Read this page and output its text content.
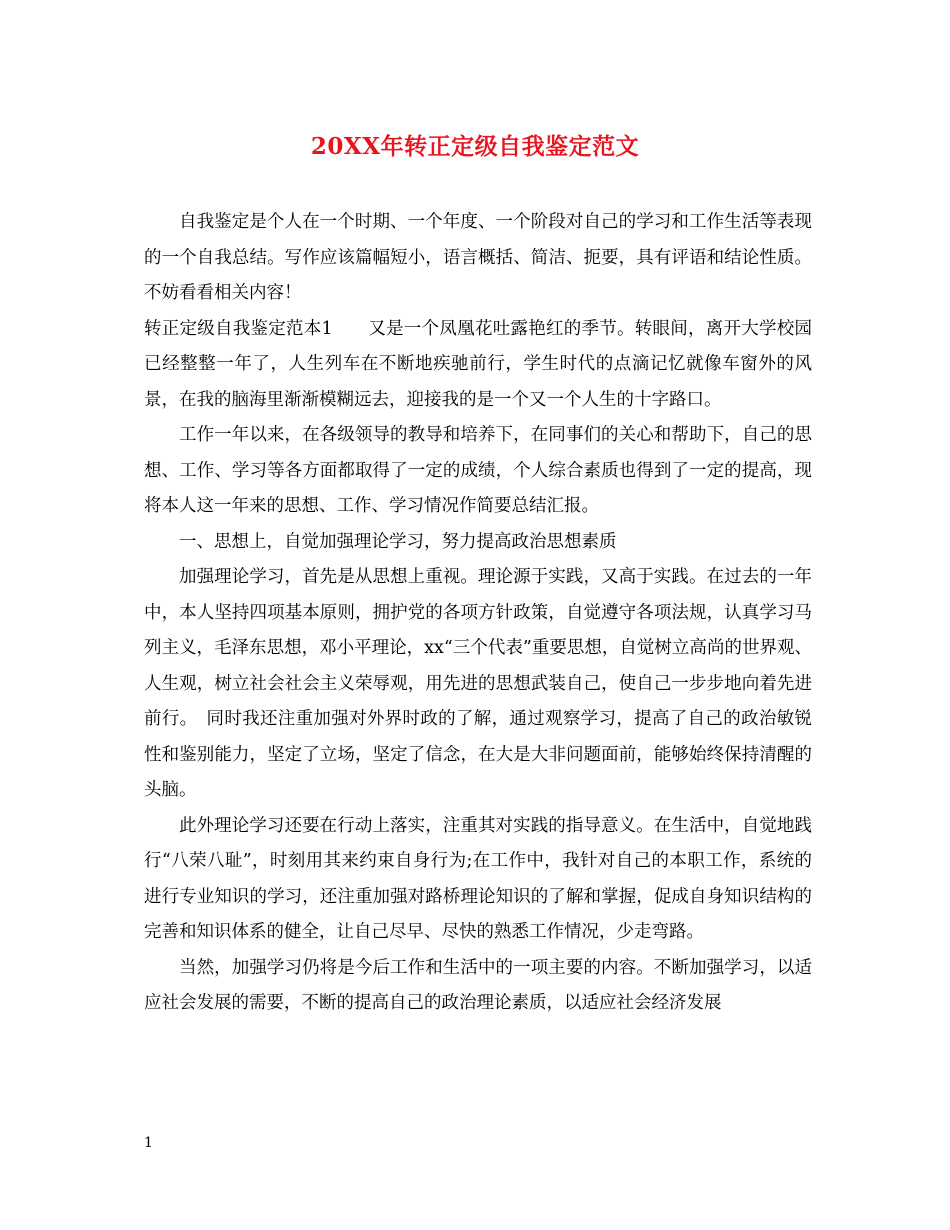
20XX年转正定级自我鉴定范文

自我鉴定是个人在一个时期、一个年度、一个阶段对自己的学习和工作生活等表现的一个自我总结。写作应该篇幅短小，语言概括、简洁、扼要，具有评语和结论性质。不妨看看相关内容！

转正定级自我鉴定范本1　　又是一个凤凰花吐露艳红的季节。转眼间，离开大学校园已经整整一年了，人生列车在不断地疾驰前行，学生时代的点滴记忆就像车窗外的风景，在我的脑海里渐渐模糊远去，迎接我的是一个又一个人生的十字路口。

工作一年以来，在各级领导的教导和培养下，在同事们的关心和帮助下，自己的思想、工作、学习等各方面都取得了一定的成绩，个人综合素质也得到了一定的提高，现将本人这一年来的思想、工作、学习情况作简要总结汇报。

一、思想上，自觉加强理论学习，努力提高政治思想素质

加强理论学习，首先是从思想上重视。理论源于实践，又高于实践。在过去的一年中，本人坚持四项基本原则，拥护党的各项方针政策，自觉遵守各项法规，认真学习马列主义，毛泽东思想，邓小平理论，xx“三个代表”重要思想，自觉树立高尚的世界观、人生观，树立社会社会主义荣辱观，用先进的思想武装自己，使自己一步步地向着先进前行。　同时我还注重加强对外界时政的了解，通过观察学习，提高了自己的政治敏锐性和鉴别能力，坚定了立场，坚定了信念，在大是大非问题面前，能够始终保持清醒的头脑。

此外理论学习还要在行动上落实，注重其对实践的指导意义。在生活中，自觉地践行“八荣八耻”，时刻用其来约束自身行为;在工作中，我针对自己的本职工作，系统的进行专业知识的学习，还注重加强对路桥理论知识的了解和掌握，促成自身知识结构的完善和知识体系的健全，让自己尽早、尽快的熟悉工作情况，少走弯路。

当然，加强学习仍将是今后工作和生活中的一项主要的内容。不断加强学习，以适应社会发展的需要，不断的提高自己的政治理论素质，以适应社会经济发展

1
